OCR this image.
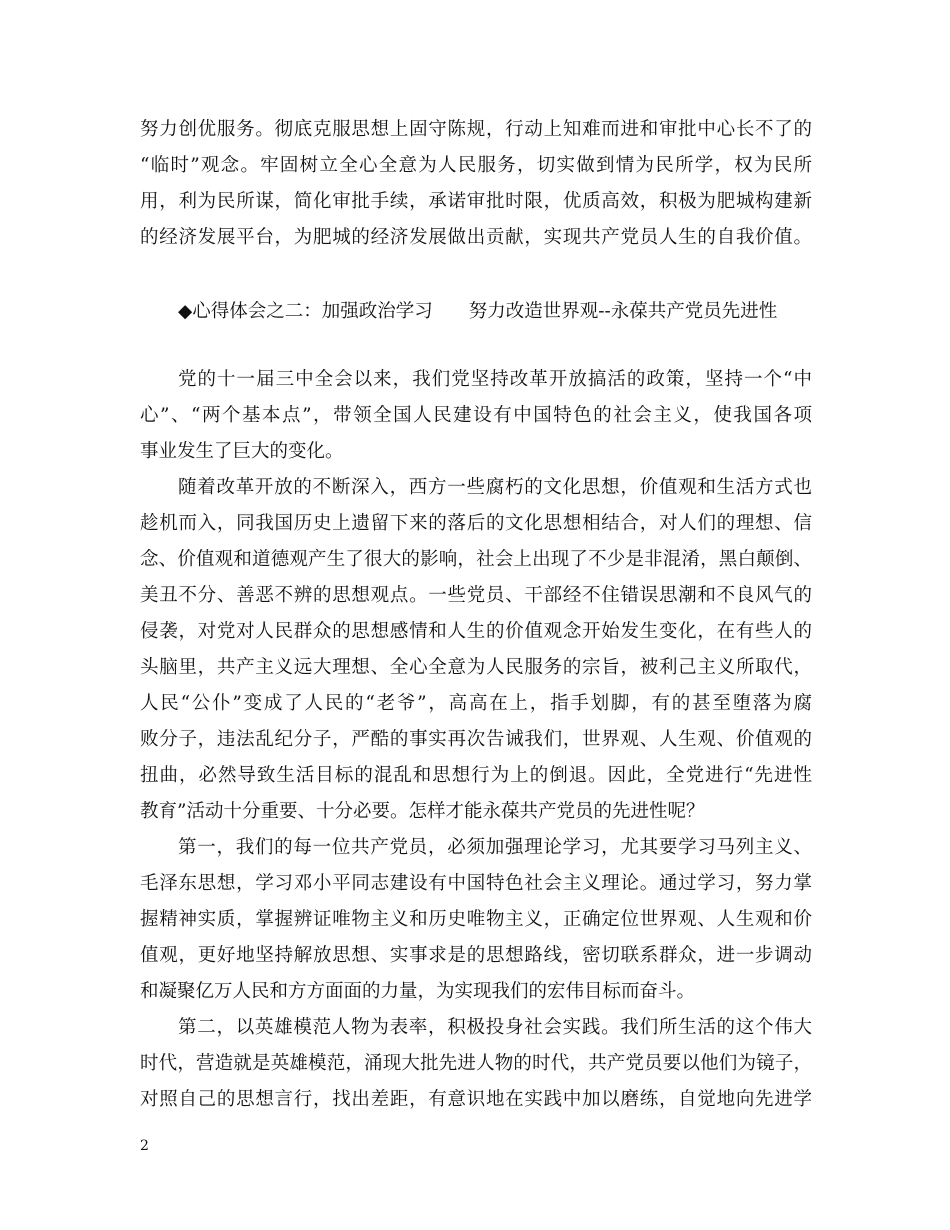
努力创优服务。彻底克服思想上固守陈规，行动上知难而进和审批中心长不了的
“临时”观念。牢固树立全心全意为人民服务，切实做到情为民所学，权为民所
用，利为民所谋，简化审批手续，承诺审批时限，优质高效，积极为肥城构建新
的经济发展平台，为肥城的经济发展做出贡献，实现共产党员人生的自我价值。
◆心得体会之二：加强政治学习 努力改造世界观--永葆共产党员先进性
党的十一届三中全会以来，我们党坚持改革开放搞活的政策，坚持一个“中
心”、“两个基本点”，带领全国人民建设有中国特色的社会主义，使我国各项
事业发生了巨大的变化。
随着改革开放的不断深入，西方一些腐朽的文化思想，价值观和生活方式也
趁机而入，同我国历史上遗留下来的落后的文化思想相结合，对人们的理想、信
念、价值观和道德观产生了很大的影响，社会上出现了不少是非混淆，黑白颠倒、
美丑不分、善恶不辨的思想观点。一些党员、干部经不住错误思潮和不良风气的
侵袭，对党对人民群众的思想感情和人生的价值观念开始发生变化，在有些人的
头脑里，共产主义远大理想、全心全意为人民服务的宗旨，被利己主义所取代，
人民“公仆”变成了人民的“老爷”，高高在上，指手划脚，有的甚至堕落为腐
败分子，违法乱纪分子，严酷的事实再次告诫我们，世界观、人生观、价值观的
扭曲，必然导致生活目标的混乱和思想行为上的倒退。因此，全党进行“先进性
教育”活动十分重要、十分必要。怎样才能永葆共产党员的先进性呢？
第一，我们的每一位共产党员，必须加强理论学习，尤其要学习马列主义、
毛泽东思想，学习邓小平同志建设有中国特色社会主义理论。通过学习，努力掌
握精神实质，掌握辨证唯物主义和历史唯物主义，正确定位世界观、人生观和价
值观，更好地坚持解放思想、实事求是的思想路线，密切联系群众，进一步调动
和凝聚亿万人民和方方面面的力量，为实现我们的宏伟目标而奋斗。
第二，以英雄模范人物为表率，积极投身社会实践。我们所生活的这个伟大
时代，营造就是英雄模范，涌现大批先进人物的时代，共产党员要以他们为镜子，
对照自己的思想言行，找出差距，有意识地在实践中加以磨练，自觉地向先进学
2
